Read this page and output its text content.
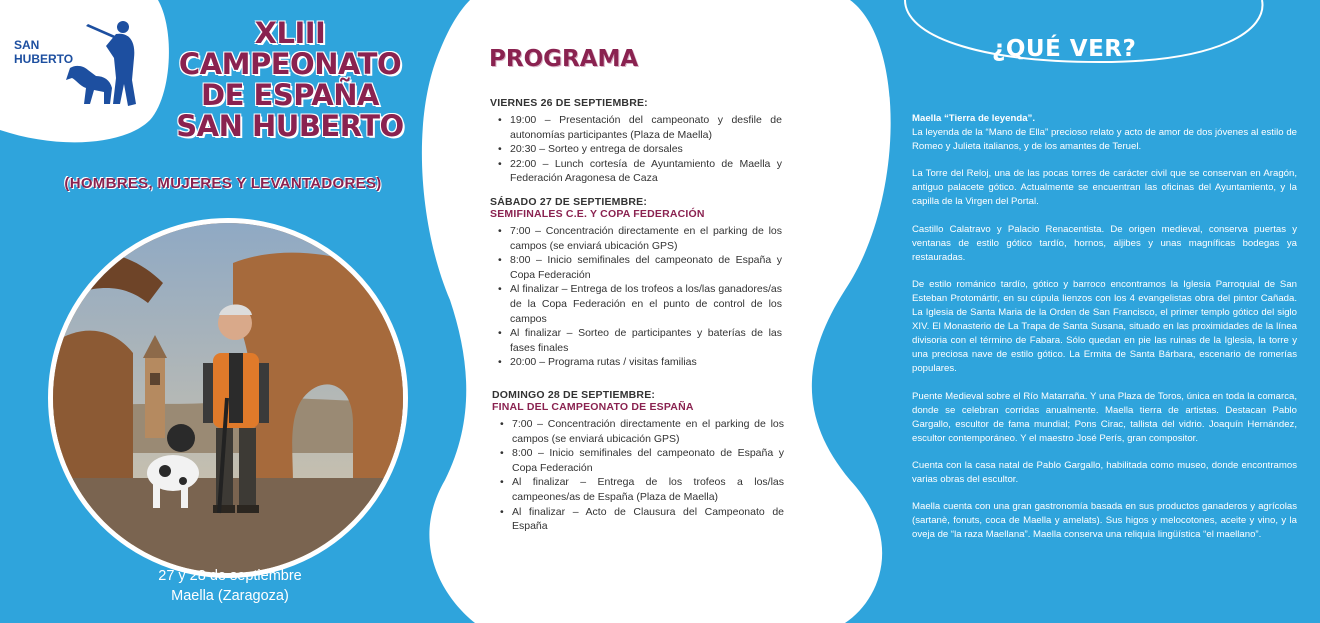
SAN
HUBERTO
XLIII
CAMPEONATO
DE ESPAÑA
SAN HUBERTO
(HOMBRES, MUJERES Y LEVANTADORES)
27 y 28 de septiembre
Maella (Zaragoza)
PROGRAMA
VIERNES 26 DE SEPTIEMBRE:
• 19:00 – Presentación del campeonato y desfile de autonomías participantes (Plaza de Maella)
• 20:30 – Sorteo y entrega de dorsales
• 22:00 – Lunch cortesía de Ayuntamiento de Maella y Federación Aragonesa de Caza
SÁBADO 27 DE SEPTIEMBRE:
SEMIFINALES C.E. Y COPA FEDERACIÓN
• 7:00 – Concentración directamente en el parking de los campos (se enviará ubicación GPS)
• 8:00 – Inicio semifinales del campeonato de España y Copa Federación
• Al finalizar – Entrega de los trofeos a los/las ganadores/as de la Copa Federación en el punto de control de los campos
• Al finalizar – Sorteo de participantes y baterías de las fases finales
• 20:00 – Programa rutas / visitas familias
DOMINGO 28 DE SEPTIEMBRE:
FINAL DEL CAMPEONATO DE ESPAÑA
• 7:00 – Concentración directamente en el parking de los campos (se enviará ubicación GPS)
• 8:00 – Inicio semifinales del campeonato de España y Copa Federación
• Al finalizar – Entrega de los trofeos a los/las campeones/as de España (Plaza de Maella)
• Al finalizar – Acto de Clausura del Campeonato de España
¿QUÉ VER?

Maella “Tierra de leyenda”.
La leyenda de la “Mano de Ella” precioso relato y acto de amor de dos jóvenes al estilo de Romeo y Julieta italianos, y de los amantes de Teruel.

La Torre del Reloj, una de las pocas torres de carácter civil que se conservan en Aragón, antiguo palacete gótico. Actualmente se encuentran las oficinas del Ayuntamiento, y la capilla de la Virgen del Portal.

Castillo Calatravo y Palacio Renacentista. De origen medieval, conserva puertas y ventanas de estilo gótico tardío, hornos, aljibes y unas magníficas bodegas ya restauradas.

De estilo románico tardío, gótico y barroco encontramos la Iglesia Parroquial de San Esteban Protomártir, en su cúpula lienzos con los 4 evangelistas obra del pintor Cañada. La Iglesia de Santa Maria de la Orden de San Francisco, el primer templo gótico del siglo XIV. El Monasterio de La Trapa de Santa Susana, situado en las proximidades de la línea divisoria con el término de Fabara. Sólo quedan en pie las ruinas de la Iglesia, la torre y una preciosa nave de estilo gótico. La Ermita de Santa Bárbara, escenario de romerías populares.

Puente Medieval sobre el Río Matarraña. Y una Plaza de Toros, única en toda la comarca, donde se celebran corridas anualmente. Maella tierra de artistas. Destacan Pablo Gargallo, escultor de fama mundial; Pons Cirac, tallista del vidrio. Joaquín Hernández, escultor contemporáneo. Y el maestro José Perís, gran compositor.

Cuenta con la casa natal de Pablo Gargallo, habilitada como museo, donde encontramos varias obras del escultor.

Maella cuenta con una gran gastronomía basada en sus productos ganaderos y agrícolas (sartanè, fonuts, coca de Maella y amelats). Sus higos y melocotones, aceite y vino, y la oveja de “la raza Maellana”. Maella conserva una reliquia lingüística “el maellano”.
